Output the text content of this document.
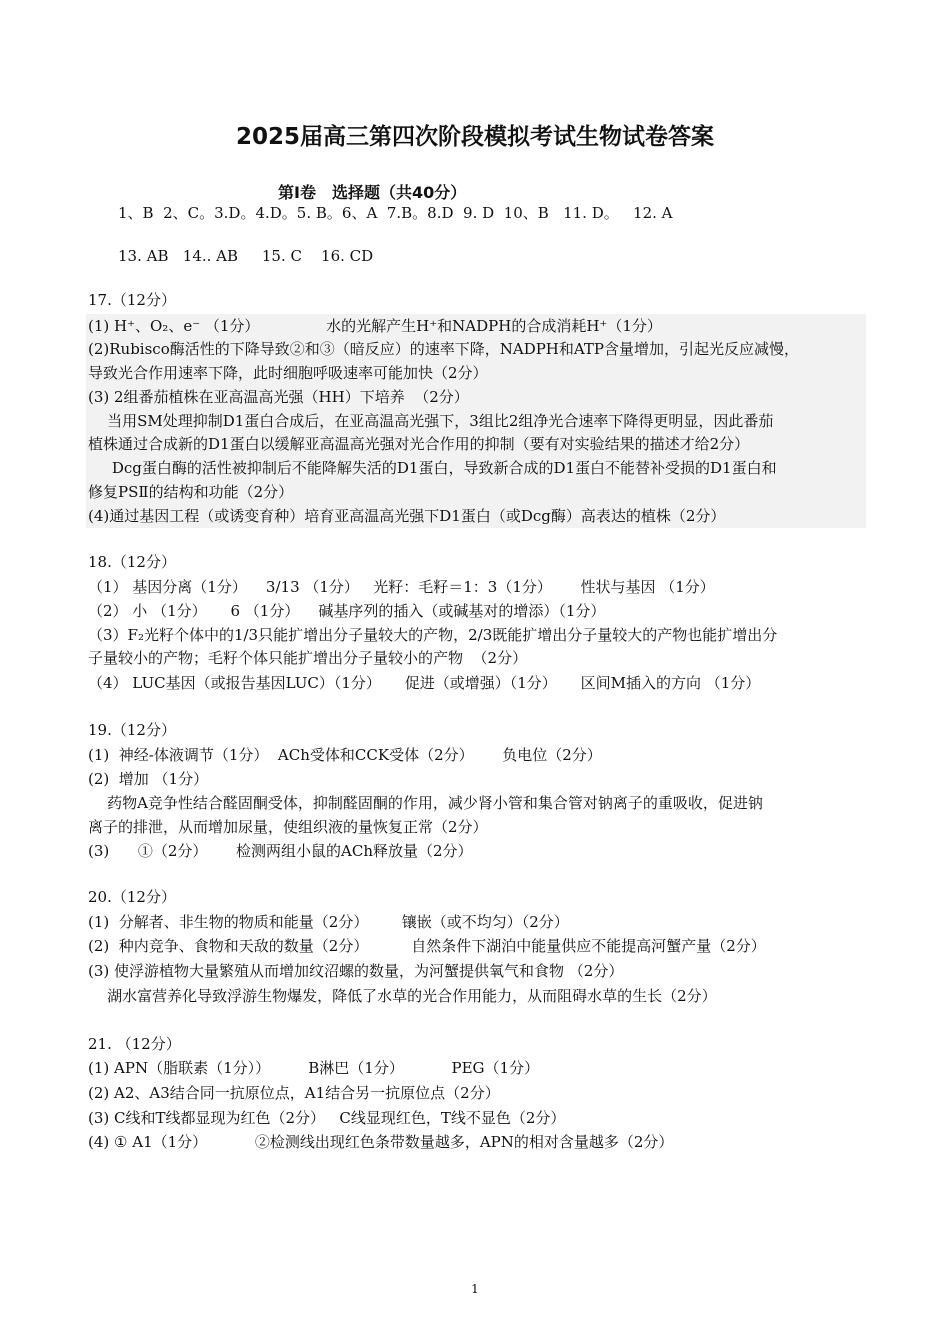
2025届高三第四次阶段模拟考试生物试卷答案
第Ⅰ卷　选择题（共40分）
1、B  2、C。3.D。4.D。5. B。6、A  7.B。8.D  9. D  10、B   11. D。   12. A
13. AB   14.. AB     15. C    16. CD
17.（12分）
(1) H⁺、O₂、e⁻ （1分）              水的光解产生H⁺和NADPH的合成消耗H⁺（1分）
(2)Rubisco酶活性的下降导致②和③（暗反应）的速率下降，NADPH和ATP含量增加，引起光反应减慢，
导致光合作用速率下降，此时细胞呼吸速率可能加快（2分）
(3) 2组番茄植株在亚高温高光强（HH）下培养  （2分）
当用SM处理抑制D1蛋白合成后，在亚高温高光强下，3组比2组净光合速率下降得更明显，因此番茄
植株通过合成新的D1蛋白以缓解亚高温高光强对光合作用的抑制（要有对实验结果的描述才给2分）
Dcg蛋白酶的活性被抑制后不能降解失活的D1蛋白，导致新合成的D1蛋白不能替补受损的D1蛋白和
修复PSⅡ的结构和功能（2分）
(4)通过基因工程（或诱变育种）培育亚高温高光强下D1蛋白（或Dcg酶）高表达的植株（2分）
18.（12分）
（1） 基因分离（1分）    3/13 （1分）   光籽：毛籽＝1：3（1分）      性状与基因 （1分）
（2） 小 （1分）     6 （1分）    碱基序列的插入（或碱基对的增添）（1分）
（3）F₂光籽个体中的1/3只能扩增出分子量较大的产物，2/3既能扩增出分子量较大的产物也能扩增出分
子量较小的产物；毛籽个体只能扩增出分子量较小的产物  （2分）
（4） LUC基因（或报告基因LUC）（1分）     促进（或增强）（1分）     区间M插入的方向 （1分）
19.（12分）
(1)  神经-体液调节（1分）  ACh受体和CCK受体（2分）      负电位（2分）
(2)  增加 （1分）
药物A竞争性结合醛固酮受体，抑制醛固酮的作用，减少肾小管和集合管对钠离子的重吸收，促进钠
离子的排泄，从而增加尿量，使组织液的量恢复正常（2分）
(3)      ①（2分）      检测两组小鼠的ACh释放量（2分）
20.（12分）
(1)  分解者、非生物的物质和能量（2分）       镶嵌（或不均匀）（2分）
(2)  种内竞争、食物和天敌的数量（2分）         自然条件下湖泊中能量供应不能提高河蟹产量（2分）
(3) 使浮游植物大量繁殖从而增加纹沼螺的数量，为河蟹提供氧气和食物 （2分）
湖水富营养化导致浮游生物爆发，降低了水草的光合作用能力，从而阻碍水草的生长（2分）
21. （12分）
(1) APN（脂联素（1分））        B淋巴（1分）          PEG（1分）
(2) A2、A3结合同一抗原位点，A1结合另一抗原位点（2分）
(3) C线和T线都显现为红色（2分）   C线显现红色，T线不显色（2分）
(4) ① A1（1分）          ②检测线出现红色条带数量越多，APN的相对含量越多（2分）
1
